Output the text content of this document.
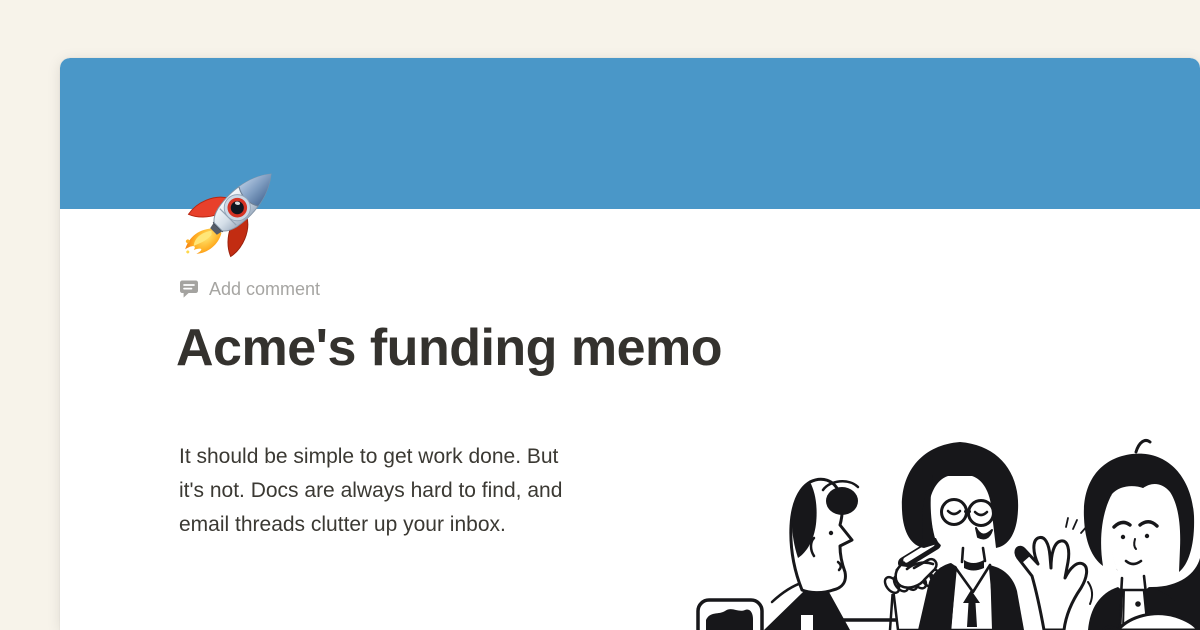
Add comment
Acme's funding memo

It should be simple to get work done. But
it's not. Docs are always hard to find, and
email threads clutter up your inbox.
